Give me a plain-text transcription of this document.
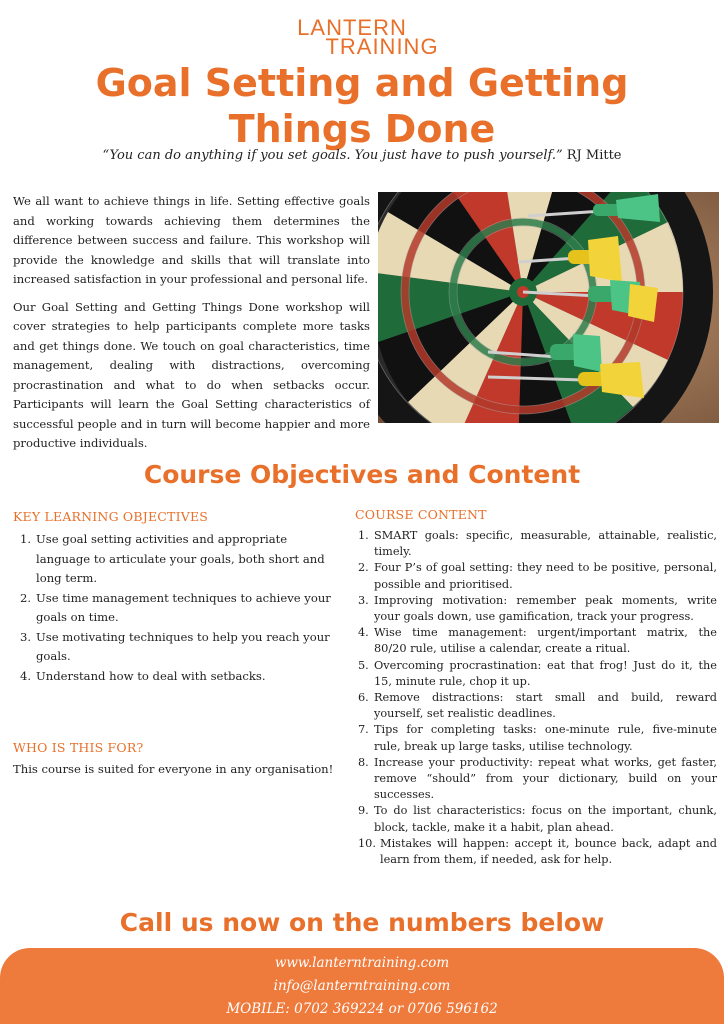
LANTERN
TRAINING
Goal Setting and Getting
Things Done
“You can do anything if you set goals. You just have to push yourself.” RJ Mitte

We all want to achieve things in life. Setting effective goals and working towards achieving them determines the difference between success and failure. This workshop will provide the knowledge and skills that will translate into increased satisfaction in your professional and personal life.

Our Goal Setting and Getting Things Done workshop will cover strategies to help participants complete more tasks and get things done. We touch on goal characteristics, time management, dealing with distractions, overcoming procrastination and what to do when setbacks occur. Participants will learn the Goal Setting characteristics of successful people and in turn will become happier and more productive individuals.

Course Objectives and Content
KEY LEARNING OBJECTIVES
1. Use goal setting activities and appropriate language to articulate your goals, both short and long term.
2. Use time management techniques to achieve your goals on time.
3. Use motivating techniques to help you reach your goals.
4. Understand how to deal with setbacks.
WHO IS THIS FOR?
This course is suited for everyone in any organisation!
COURSE CONTENT
1. SMART goals: specific, measurable, attainable, realistic, timely.
2. Four P’s of goal setting: they need to be positive, personal, possible and prioritised.
3. Improving motivation: remember peak moments, write your goals down, use gamification, track your progress.
4. Wise time management: urgent/important matrix, the 80/20 rule, utilise a calendar, create a ritual.
5. Overcoming procrastination: eat that frog! Just do it, the 15, minute rule, chop it up.
6. Remove distractions: start small and build, reward yourself, set realistic deadlines.
7. Tips for completing tasks: one-minute rule, five-minute rule, break up large tasks, utilise technology.
8. Increase your productivity: repeat what works, get faster, remove “should” from your dictionary, build on your successes.
9. To do list characteristics: focus on the important, chunk, block, tackle, make it a habit, plan ahead.
10. Mistakes will happen: accept it, bounce back, adapt and learn from them, if needed, ask for help.
Call us now on the numbers below
www.lanterntraining.com
info@lanterntraining.com
MOBILE: 0702 369224 or 0706 596162
